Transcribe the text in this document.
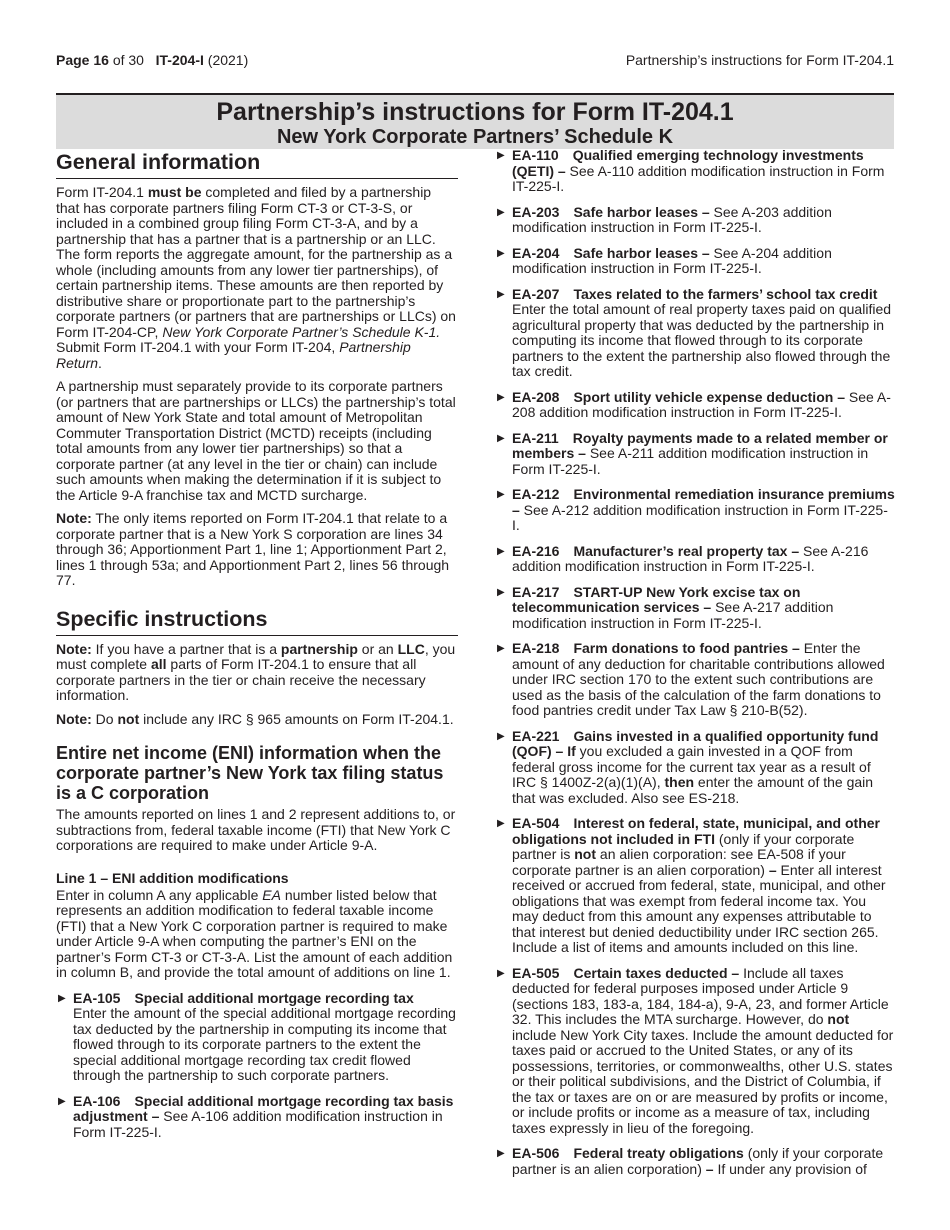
Page 16 of 30 IT-204-I (2021)	Partnership’s instructions for Form IT-204.1
Partnership’s instructions for Form IT-204.1
New York Corporate Partners’ Schedule K
General information

Form IT-204.1 must be completed and filed by a partnership that has corporate partners filing Form CT-3 or CT-3-S, or included in a combined group filing Form CT-3-A, and by a partnership that has a partner that is a partnership or an LLC. The form reports the aggregate amount, for the partnership as a whole (including amounts from any lower tier partnerships), of certain partnership items. These amounts are then reported by distributive share or proportionate part to the partnership’s corporate partners (or partners that are partnerships or LLCs) on Form IT-204-CP, New York Corporate Partner’s Schedule K-1. Submit Form IT-204.1 with your Form IT-204, Partnership Return.

A partnership must separately provide to its corporate partners (or partners that are partnerships or LLCs) the partnership’s total amount of New York State and total amount of Metropolitan Commuter Transportation District (MCTD) receipts (including total amounts from any lower tier partnerships) so that a corporate partner (at any level in the tier or chain) can include such amounts when making the determination if it is subject to the Article 9-A franchise tax and MCTD surcharge.

Note: The only items reported on Form IT-204.1 that relate to a corporate partner that is a New York S corporation are lines 34 through 36; Apportionment Part 1, line 1; Apportionment Part 2, lines 1 through 53a; and Apportionment Part 2, lines 56 through 77.

Specific instructions

Note: If you have a partner that is a partnership or an LLC, you must complete all parts of Form IT-204.1 to ensure that all corporate partners in the tier or chain receive the necessary information.

Note: Do not include any IRC § 965 amounts on Form IT-204.1.

Entire net income (ENI) information when the corporate partner’s New York tax filing status is a C corporation

The amounts reported on lines 1 and 2 represent additions to, or subtractions from, federal taxable income (FTI) that New York C corporations are required to make under Article 9-A.

Line 1 – ENI addition modifications

Enter in column A any applicable EA number listed below that represents an addition modification to federal taxable income (FTI) that a New York C corporation partner is required to make under Article 9-A when computing the partner’s ENI on the partner’s Form CT-3 or CT-3-A. List the amount of each addition in column B, and provide the total amount of additions on line 1.

▶ EA-105 Special additional mortgage recording tax
Enter the amount of the special additional mortgage recording tax deducted by the partnership in computing its income that flowed through to its corporate partners to the extent the special additional mortgage recording tax credit flowed through the partnership to such corporate partners.
▶ EA-106 Special additional mortgage recording tax basis adjustment – See A-106 addition modification instruction in Form IT-225-I.
▶ EA-110 Qualified emerging technology investments (QETI) – See A-110 addition modification instruction in Form IT-225-I.
▶ EA-203 Safe harbor leases – See A-203 addition modification instruction in Form IT-225-I.
▶ EA-204 Safe harbor leases – See A-204 addition modification instruction in Form IT-225-I.
▶ EA-207 Taxes related to the farmers’ school tax credit Enter the total amount of real property taxes paid on qualified agricultural property that was deducted by the partnership in computing its income that flowed through to its corporate partners to the extent the partnership also flowed through the tax credit.
▶ EA-208 Sport utility vehicle expense deduction – See A-208 addition modification instruction in Form IT-225-I.
▶ EA-211 Royalty payments made to a related member or members – See A-211 addition modification instruction in Form IT-225-I.
▶ EA-212 Environmental remediation insurance premiums – See A-212 addition modification instruction in Form IT-225-I.
▶ EA-216 Manufacturer’s real property tax – See A-216 addition modification instruction in Form IT-225-I.
▶ EA-217 START-UP New York excise tax on telecommunication services – See A-217 addition modification instruction in Form IT-225-I.
▶ EA-218 Farm donations to food pantries – Enter the amount of any deduction for charitable contributions allowed under IRC section 170 to the extent such contributions are used as the basis of the calculation of the farm donations to food pantries credit under Tax Law § 210-B(52).
▶ EA-221 Gains invested in a qualified opportunity fund (QOF) – If you excluded a gain invested in a QOF from federal gross income for the current tax year as a result of IRC § 1400Z-2(a)(1)(A), then enter the amount of the gain that was excluded. Also see ES-218.
▶ EA-504 Interest on federal, state, municipal, and other obligations not included in FTI (only if your corporate partner is not an alien corporation: see EA-508 if your corporate partner is an alien corporation) – Enter all interest received or accrued from federal, state, municipal, and other obligations that was exempt from federal income tax. You may deduct from this amount any expenses attributable to that interest but denied deductibility under IRC section 265. Include a list of items and amounts included on this line.
▶ EA-505 Certain taxes deducted – Include all taxes deducted for federal purposes imposed under Article 9 (sections 183, 183-a, 184, 184-a), 9-A, 23, and former Article 32. This includes the MTA surcharge. However, do not include New York City taxes. Include the amount deducted for taxes paid or accrued to the United States, or any of its possessions, territories, or commonwealths, other U.S. states or their political subdivisions, and the District of Columbia, if the tax or taxes are on or are measured by profits or income, or include profits or income as a measure of tax, including taxes expressly in lieu of the foregoing.
▶ EA-506 Federal treaty obligations (only if your corporate partner is an alien corporation) – If under any provision of
